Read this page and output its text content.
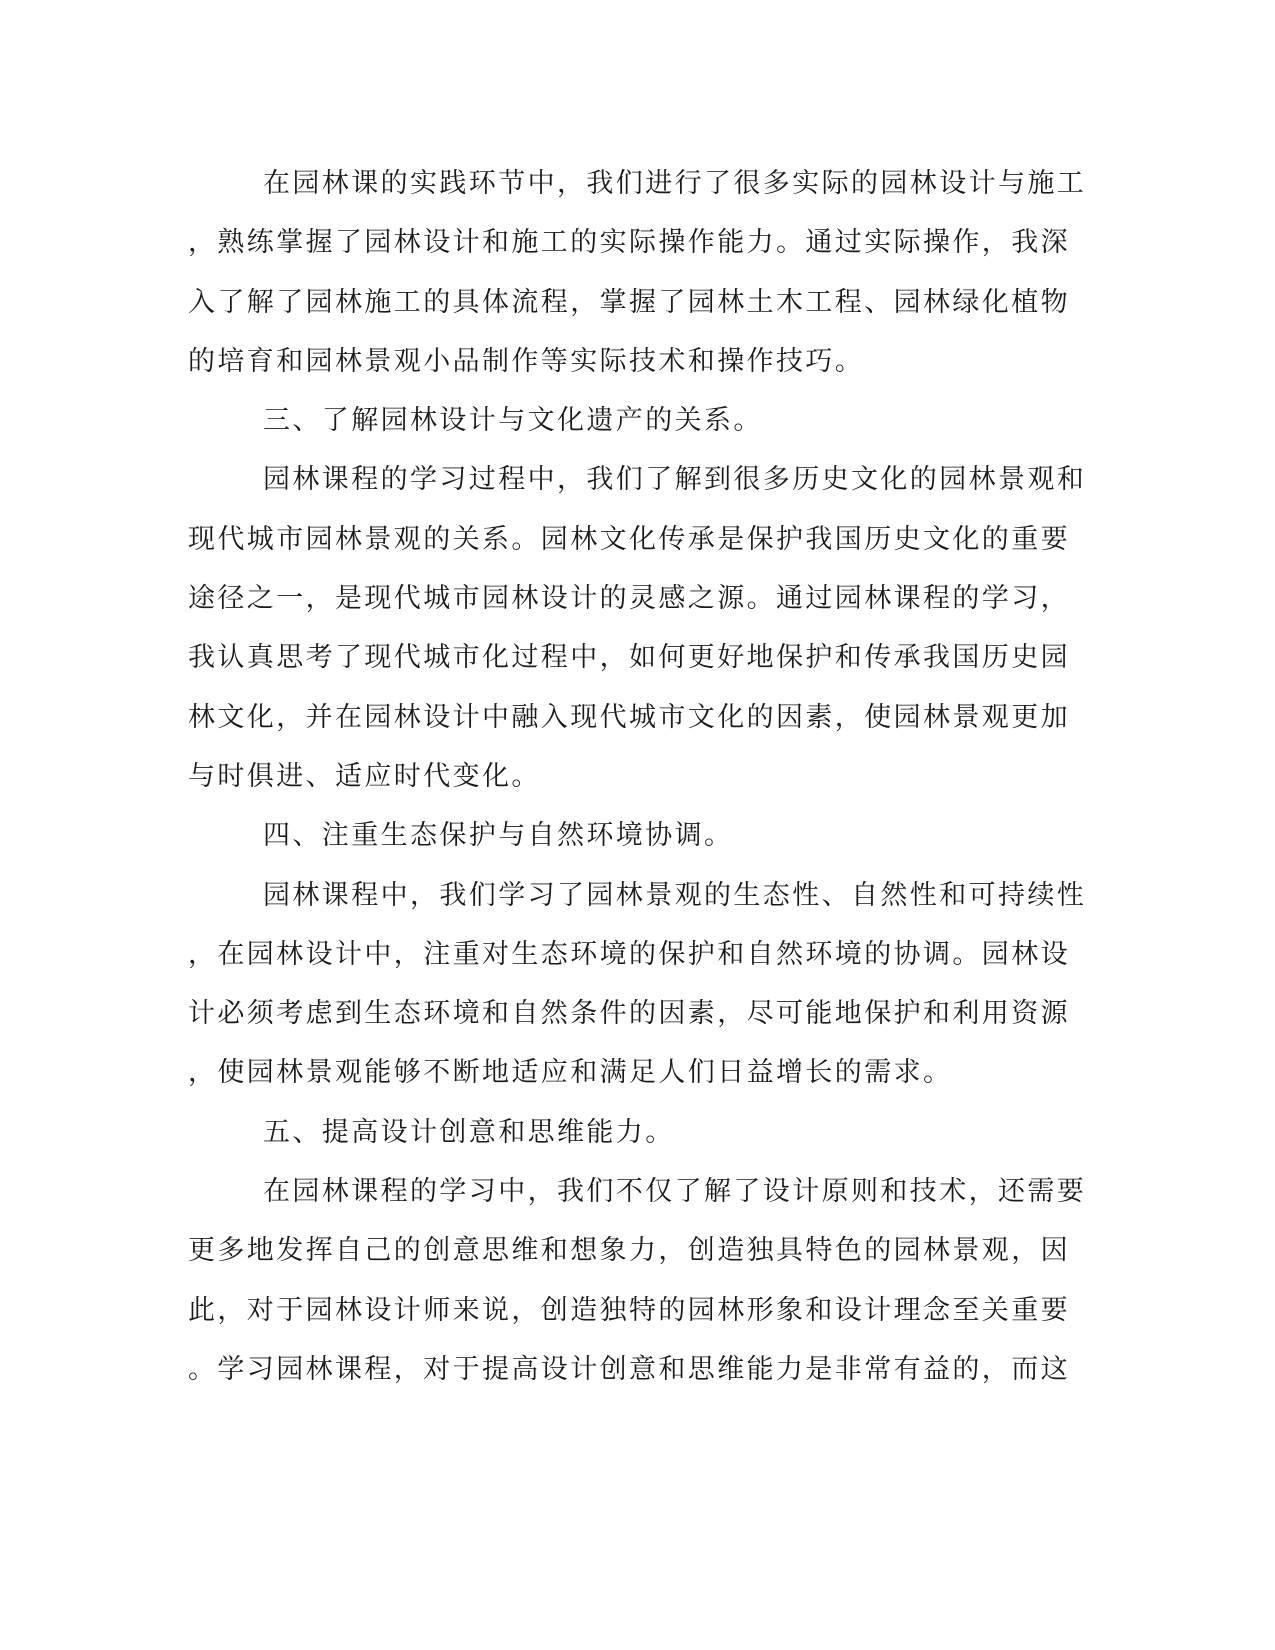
在园林课的实践环节中，我们进行了很多实际的园林设计与施工
，熟练掌握了园林设计和施工的实际操作能力。通过实际操作，我深
入了解了园林施工的具体流程，掌握了园林土木工程、园林绿化植物
的培育和园林景观小品制作等实际技术和操作技巧。
三、了解园林设计与文化遗产的关系。
园林课程的学习过程中，我们了解到很多历史文化的园林景观和
现代城市园林景观的关系。园林文化传承是保护我国历史文化的重要
途径之一，是现代城市园林设计的灵感之源。通过园林课程的学习，
我认真思考了现代城市化过程中，如何更好地保护和传承我国历史园
林文化，并在园林设计中融入现代城市文化的因素，使园林景观更加
与时俱进、适应时代变化。
四、注重生态保护与自然环境协调。
园林课程中，我们学习了园林景观的生态性、自然性和可持续性
，在园林设计中，注重对生态环境的保护和自然环境的协调。园林设
计必须考虑到生态环境和自然条件的因素，尽可能地保护和利用资源
，使园林景观能够不断地适应和满足人们日益增长的需求。
五、提高设计创意和思维能力。
在园林课程的学习中，我们不仅了解了设计原则和技术，还需要
更多地发挥自己的创意思维和想象力，创造独具特色的园林景观，因
此，对于园林设计师来说，创造独特的园林形象和设计理念至关重要
。学习园林课程，对于提高设计创意和思维能力是非常有益的，而这
